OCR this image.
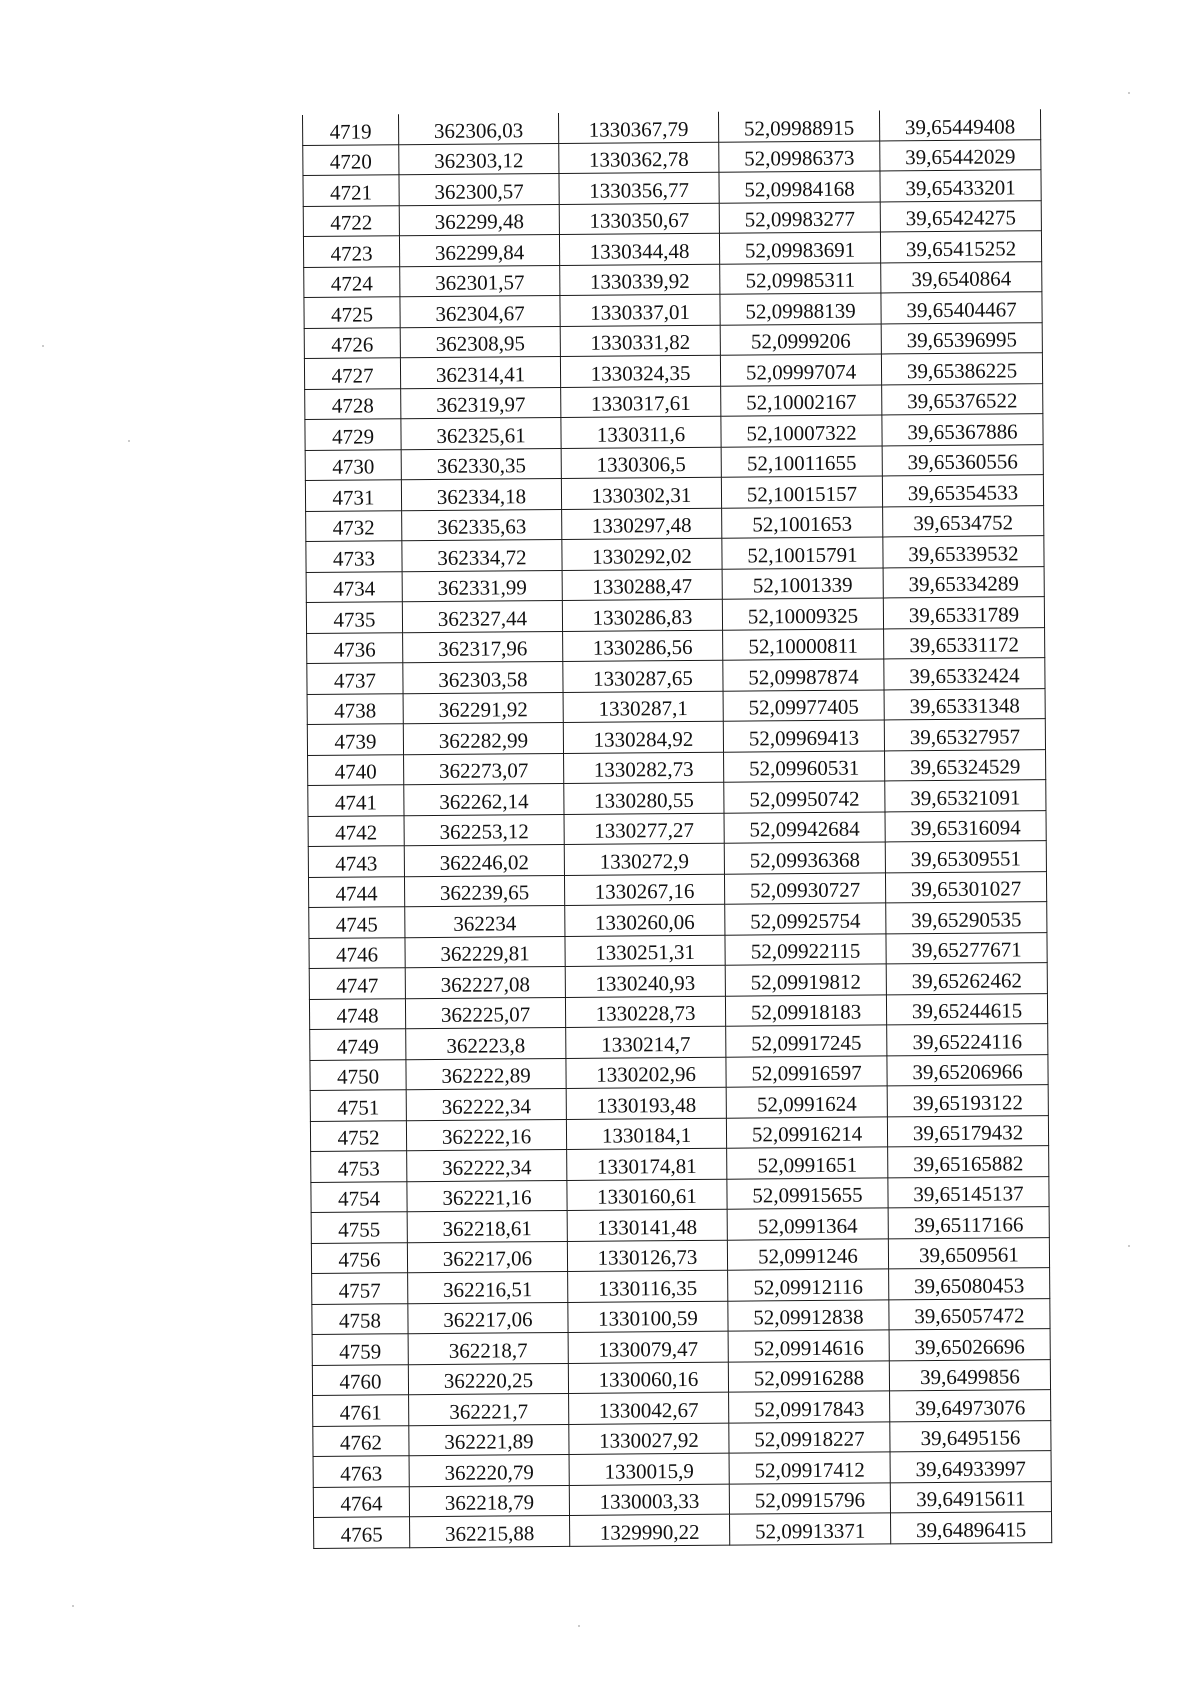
4719	362306,03	1330367,79	52,09988915	39,65449408
4720	362303,12	1330362,78	52,09986373	39,65442029
4721	362300,57	1330356,77	52,09984168	39,65433201
4722	362299,48	1330350,67	52,09983277	39,65424275
4723	362299,84	1330344,48	52,09983691	39,65415252
4724	362301,57	1330339,92	52,09985311	39,6540864
4725	362304,67	1330337,01	52,09988139	39,65404467
4726	362308,95	1330331,82	52,0999206	39,65396995
4727	362314,41	1330324,35	52,09997074	39,65386225
4728	362319,97	1330317,61	52,10002167	39,65376522
4729	362325,61	1330311,6	52,10007322	39,65367886
4730	362330,35	1330306,5	52,10011655	39,65360556
4731	362334,18	1330302,31	52,10015157	39,65354533
4732	362335,63	1330297,48	52,1001653	39,6534752
4733	362334,72	1330292,02	52,10015791	39,65339532
4734	362331,99	1330288,47	52,1001339	39,65334289
4735	362327,44	1330286,83	52,10009325	39,65331789
4736	362317,96	1330286,56	52,10000811	39,65331172
4737	362303,58	1330287,65	52,09987874	39,65332424
4738	362291,92	1330287,1	52,09977405	39,65331348
4739	362282,99	1330284,92	52,09969413	39,65327957
4740	362273,07	1330282,73	52,09960531	39,65324529
4741	362262,14	1330280,55	52,09950742	39,65321091
4742	362253,12	1330277,27	52,09942684	39,65316094
4743	362246,02	1330272,9	52,09936368	39,65309551
4744	362239,65	1330267,16	52,09930727	39,65301027
4745	362234	1330260,06	52,09925754	39,65290535
4746	362229,81	1330251,31	52,09922115	39,65277671
4747	362227,08	1330240,93	52,09919812	39,65262462
4748	362225,07	1330228,73	52,09918183	39,65244615
4749	362223,8	1330214,7	52,09917245	39,65224116
4750	362222,89	1330202,96	52,09916597	39,65206966
4751	362222,34	1330193,48	52,0991624	39,65193122
4752	362222,16	1330184,1	52,09916214	39,65179432
4753	362222,34	1330174,81	52,0991651	39,65165882
4754	362221,16	1330160,61	52,09915655	39,65145137
4755	362218,61	1330141,48	52,0991364	39,65117166
4756	362217,06	1330126,73	52,0991246	39,6509561
4757	362216,51	1330116,35	52,09912116	39,65080453
4758	362217,06	1330100,59	52,09912838	39,65057472
4759	362218,7	1330079,47	52,09914616	39,65026696
4760	362220,25	1330060,16	52,09916288	39,6499856
4761	362221,7	1330042,67	52,09917843	39,64973076
4762	362221,89	1330027,92	52,09918227	39,6495156
4763	362220,79	1330015,9	52,09917412	39,64933997
4764	362218,79	1330003,33	52,09915796	39,64915611
4765	362215,88	1329990,22	52,09913371	39,64896415
